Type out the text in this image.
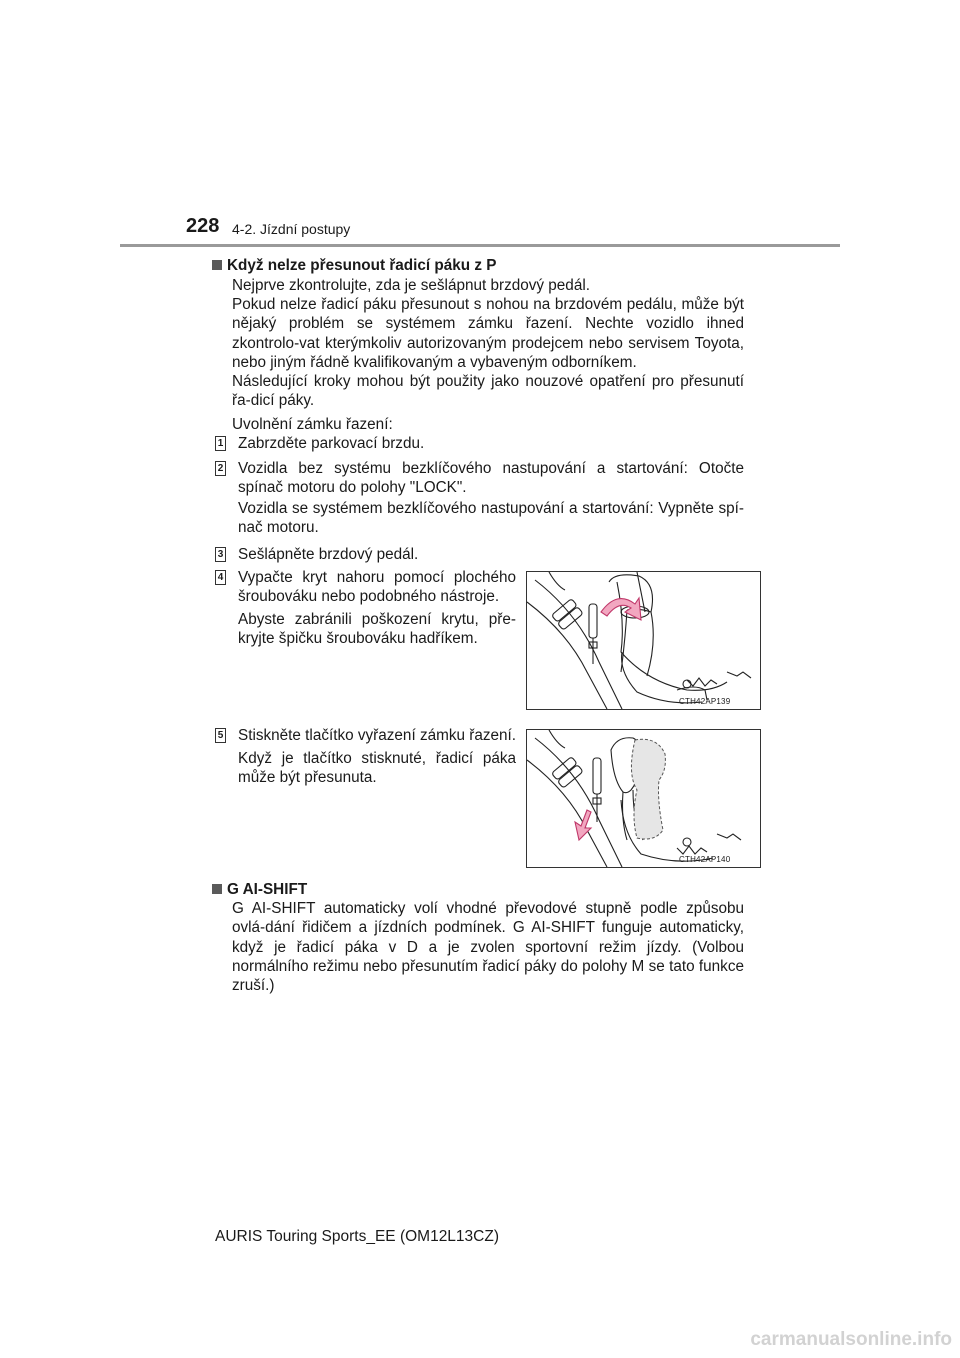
228 4-2. Jízdní postupy
Když nelze přesunout řadicí páku z P
Nejprve zkontrolujte, zda je sešlápnut brzdový pedál.
Pokud nelze řadicí páku přesunout s nohou na brzdovém pedálu, může být nějaký problém se systémem zámku řazení. Nechte vozidlo ihned zkontrolo-vat kterýmkoliv autorizovaným prodejcem nebo servisem Toyota, nebo jiným řádně kvalifikovaným a vybaveným odborníkem.
Následující kroky mohou být použity jako nouzové opatření pro přesunutí řa-dicí páky.
Uvolnění zámku řazení:
1 Zabrzděte parkovací brzdu.
2 Vozidla bez systému bezklíčového nastupování a startování: Otočte spínač motoru do polohy "LOCK".
Vozidla se systémem bezklíčového nastupování a startování: Vypněte spí-nač motoru.
3 Sešlápněte brzdový pedál.
4 Vypačte kryt nahoru pomocí plochého šroubováku nebo podobného nástroje.
Abyste zabránili poškození krytu, pře-kryjte špičku šroubováku hadříkem.
CTH42AP139
5 Stiskněte tlačítko vyřazení zámku řazení.
Když je tlačítko stisknuté, řadicí páka může být přesunuta.
CTH42AP140
G AI-SHIFT
G AI-SHIFT automaticky volí vhodné převodové stupně podle způsobu ovlá-dání řidičem a jízdních podmínek. G AI-SHIFT funguje automaticky, když je řadicí páka v D a je zvolen sportovní režim jízdy. (Volbou normálního režimu nebo přesunutím řadicí páky do polohy M se tato funkce zruší.)
AURIS Touring Sports_EE (OM12L13CZ)
carmanualsonline.info
